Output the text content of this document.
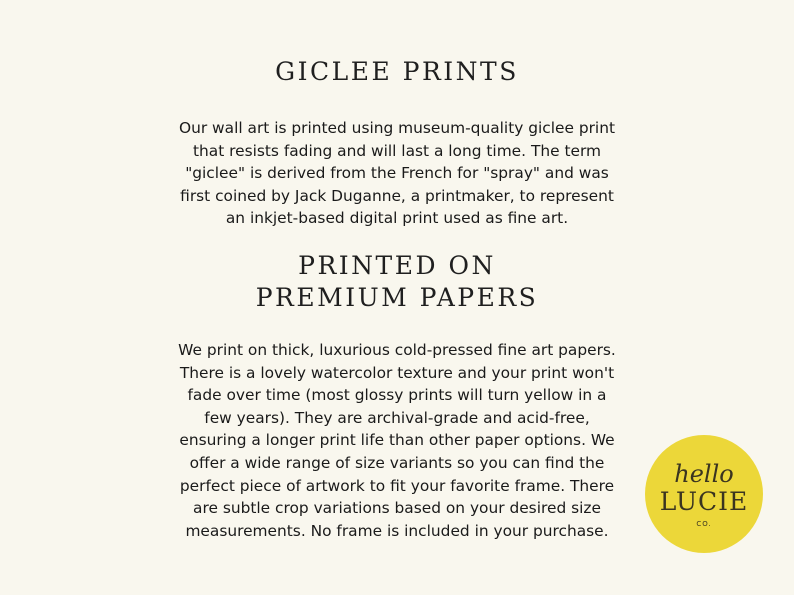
GICLEE PRINTS

Our wall art is printed using museum-quality giclee print
that resists fading and will last a long time. The term
"giclee" is derived from the French for "spray" and was
first coined by Jack Duganne, a printmaker, to represent
an inkjet-based digital print used as fine art.

PRINTED ON
PREMIUM PAPERS

We print on thick, luxurious cold-pressed fine art papers.
There is a lovely watercolor texture and your print won't
fade over time (most glossy prints will turn yellow in a
few years). They are archival-grade and acid-free,
ensuring a longer print life than other paper options. We
offer a wide range of size variants so you can find the
perfect piece of artwork to fit your favorite frame. There
are subtle crop variations based on your desired size
measurements. No frame is included in your purchase.

hello
LUCIE
CO.
